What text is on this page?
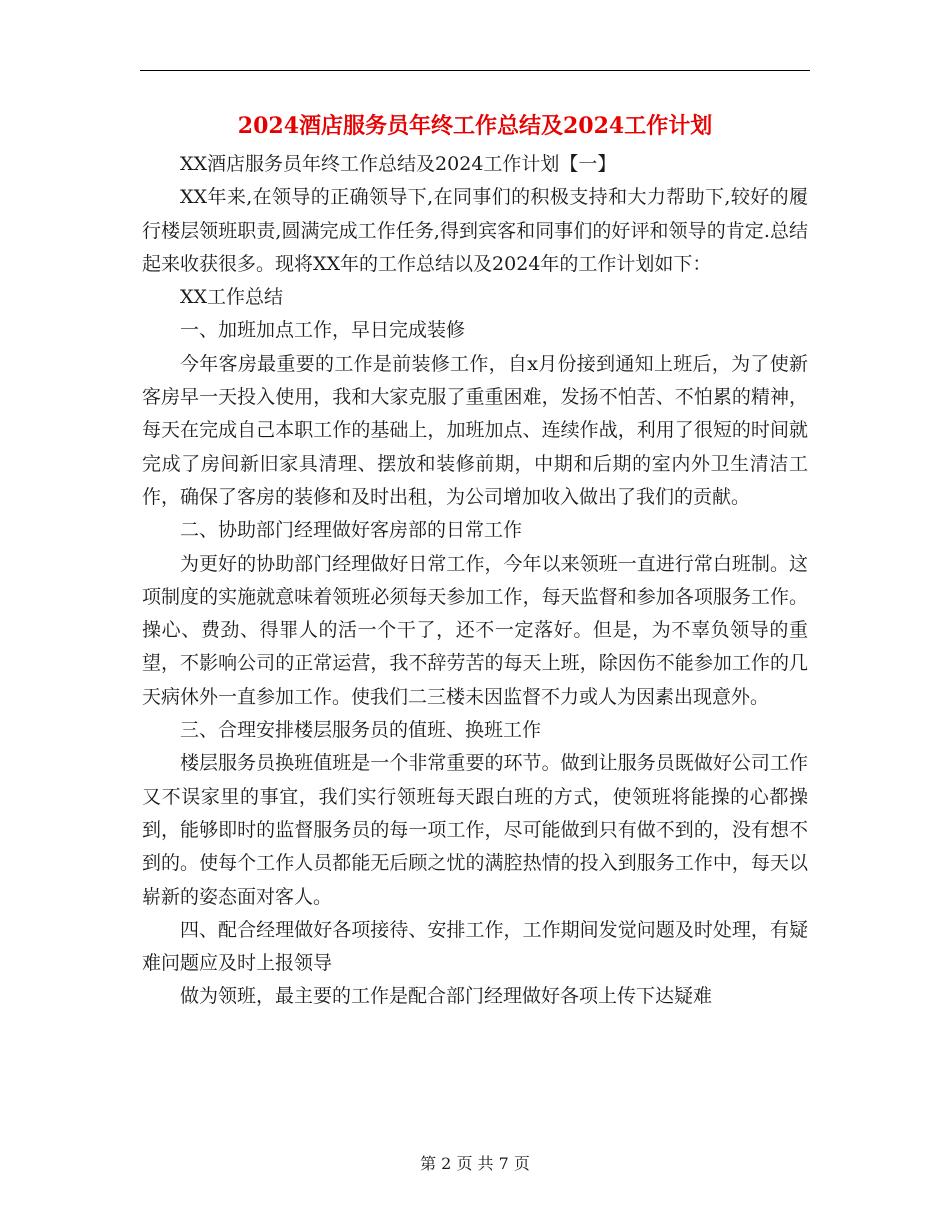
2024酒店服务员年终工作总结及2024工作计划

XX酒店服务员年终工作总结及2024工作计划【一】

XX年来,在领导的正确领导下,在同事们的积极支持和大力帮助下,较好的履行楼层领班职责,圆满完成工作任务,得到宾客和同事们的好评和领导的肯定.总结起来收获很多。现将XX年的工作总结以及2024年的工作计划如下：

XX工作总结

一、加班加点工作，早日完成装修

今年客房最重要的工作是前装修工作，自x月份接到通知上班后，为了使新客房早一天投入使用，我和大家克服了重重困难，发扬不怕苦、不怕累的精神，每天在完成自己本职工作的基础上，加班加点、连续作战，利用了很短的时间就完成了房间新旧家具清理、摆放和装修前期，中期和后期的室内外卫生清洁工作，确保了客房的装修和及时出租，为公司增加收入做出了我们的贡献。

二、协助部门经理做好客房部的日常工作

为更好的协助部门经理做好日常工作，今年以来领班一直进行常白班制。这项制度的实施就意味着领班必须每天参加工作，每天监督和参加各项服务工作。操心、费劲、得罪人的活一个干了，还不一定落好。但是，为不辜负领导的重望，不影响公司的正常运营，我不辞劳苦的每天上班，除因伤不能参加工作的几天病休外一直参加工作。使我们二三楼未因监督不力或人为因素出现意外。

三、合理安排楼层服务员的值班、换班工作

楼层服务员换班值班是一个非常重要的环节。做到让服务员既做好公司工作又不误家里的事宜，我们实行领班每天跟白班的方式，使领班将能操的心都操到，能够即时的监督服务员的每一项工作，尽可能做到只有做不到的，没有想不到的。使每个工作人员都能无后顾之忧的满腔热情的投入到服务工作中，每天以崭新的姿态面对客人。

四、配合经理做好各项接待、安排工作，工作期间发觉问题及时处理，有疑难问题应及时上报领导

做为领班，最主要的工作是配合部门经理做好各项上传下达疑难

第 2 页 共 7 页
